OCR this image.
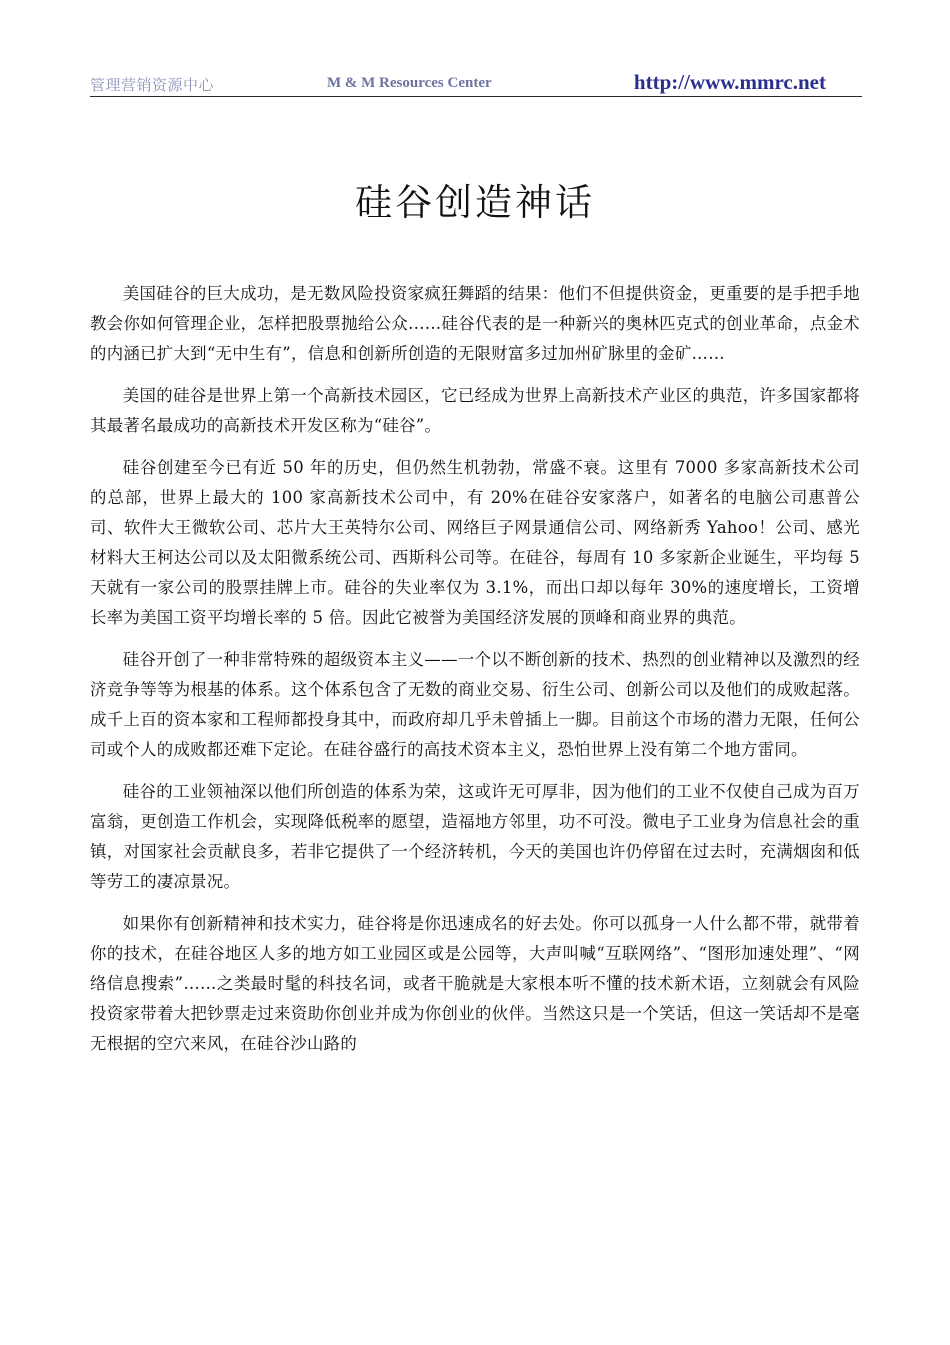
管理营销资源中心	M & M Resources Center	http://www.mmrc.net
硅谷创造神话

美国硅谷的巨大成功，是无数风险投资家疯狂舞蹈的结果：他们不但提供资金，更重要的是手把手地教会你如何管理企业，怎样把股票抛给公众……硅谷代表的是一种新兴的奥林匹克式的创业革命，点金术的内涵已扩大到“无中生有”，信息和创新所创造的无限财富多过加州矿脉里的金矿……

美国的硅谷是世界上第一个高新技术园区，它已经成为世界上高新技术产业区的典范，许多国家都将其最著名最成功的高新技术开发区称为“硅谷”。

硅谷创建至今已有近 50 年的历史，但仍然生机勃勃，常盛不衰。这里有 7000 多家高新技术公司的总部，世界上最大的 100 家高新技术公司中，有 20%在硅谷安家落户，如著名的电脑公司惠普公司、软件大王微软公司、芯片大王英特尔公司、网络巨子网景通信公司、网络新秀 Yahoo！公司、感光材料大王柯达公司以及太阳微系统公司、西斯科公司等。在硅谷，每周有 10 多家新企业诞生，平均每 5 天就有一家公司的股票挂牌上市。硅谷的失业率仅为 3.1%，而出口却以每年 30%的速度增长，工资增长率为美国工资平均增长率的 5 倍。因此它被誉为美国经济发展的顶峰和商业界的典范。

硅谷开创了一种非常特殊的超级资本主义——一个以不断创新的技术、热烈的创业精神以及激烈的经济竞争等等为根基的体系。这个体系包含了无数的商业交易、衍生公司、创新公司以及他们的成败起落。成千上百的资本家和工程师都投身其中，而政府却几乎未曾插上一脚。目前这个市场的潜力无限，任何公司或个人的成败都还难下定论。在硅谷盛行的高技术资本主义，恐怕世界上没有第二个地方雷同。

硅谷的工业领袖深以他们所创造的体系为荣，这或许无可厚非，因为他们的工业不仅使自己成为百万富翁，更创造工作机会，实现降低税率的愿望，造福地方邻里，功不可没。微电子工业身为信息社会的重镇，对国家社会贡献良多，若非它提供了一个经济转机，今天的美国也许仍停留在过去时，充满烟囱和低等劳工的凄凉景况。

如果你有创新精神和技术实力，硅谷将是你迅速成名的好去处。你可以孤身一人什么都不带，就带着你的技术，在硅谷地区人多的地方如工业园区或是公园等，大声叫喊“互联网络”、“图形加速处理”、“网络信息搜索”……之类最时髦的科技名词，或者干脆就是大家根本听不懂的技术新术语，立刻就会有风险投资家带着大把钞票走过来资助你创业并成为你创业的伙伴。当然这只是一个笑话，但这一笑话却不是毫无根据的空穴来风，在硅谷沙山路的
